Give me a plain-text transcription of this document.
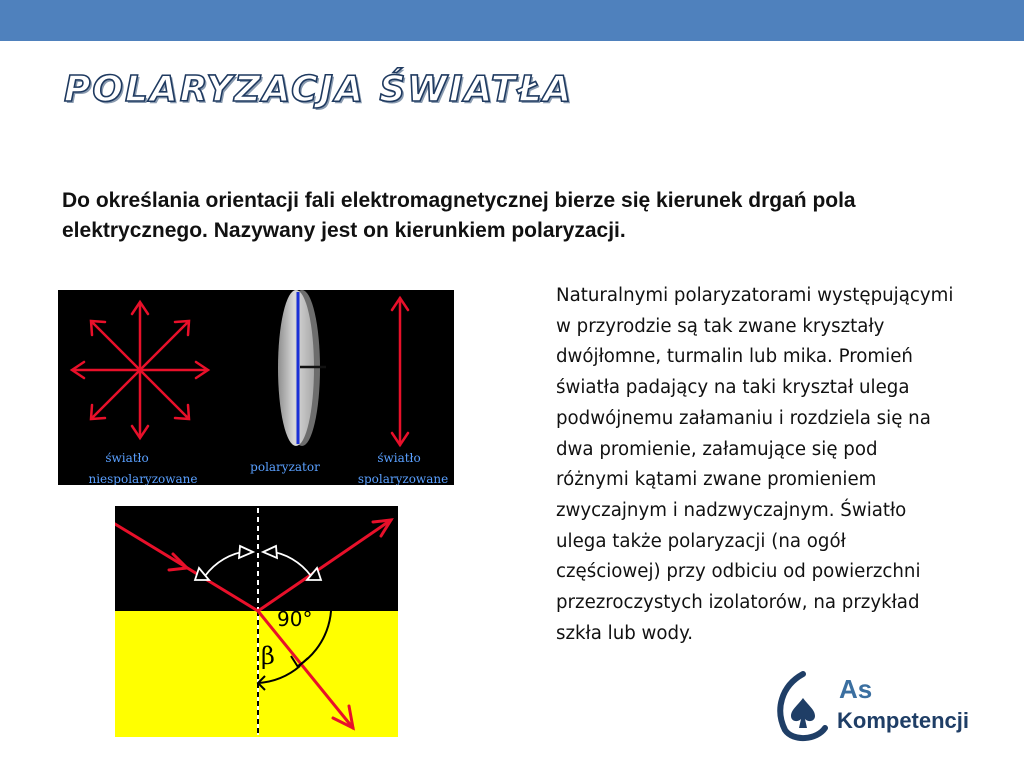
POLARYZACJA ŚWIATŁA

Do określania orientacji fali elektromagnetycznej bierze się kierunek drgań pola elektrycznego. Nazywany jest on kierunkiem polaryzacji.

Naturalnymi polaryzatorami występującymi w przyrodzie są tak zwane kryształy dwójłomne, turmalin lub mika. Promień światła padający na taki kryształ ulega podwójnemu załamaniu i rozdziela się na dwa promienie, załamujące się pod różnymi kątami zwane promieniem zwyczajnym i nadzwyczajnym. Światło ulega także polaryzacji (na ogół częściowej) przy odbiciu od powierzchni przezroczystych izolatorów, na przykład szkła lub wody.

światło
niespolaryzowane
polaryzator
światło
spolaryzowane
90°
β

As

Kompetencji
